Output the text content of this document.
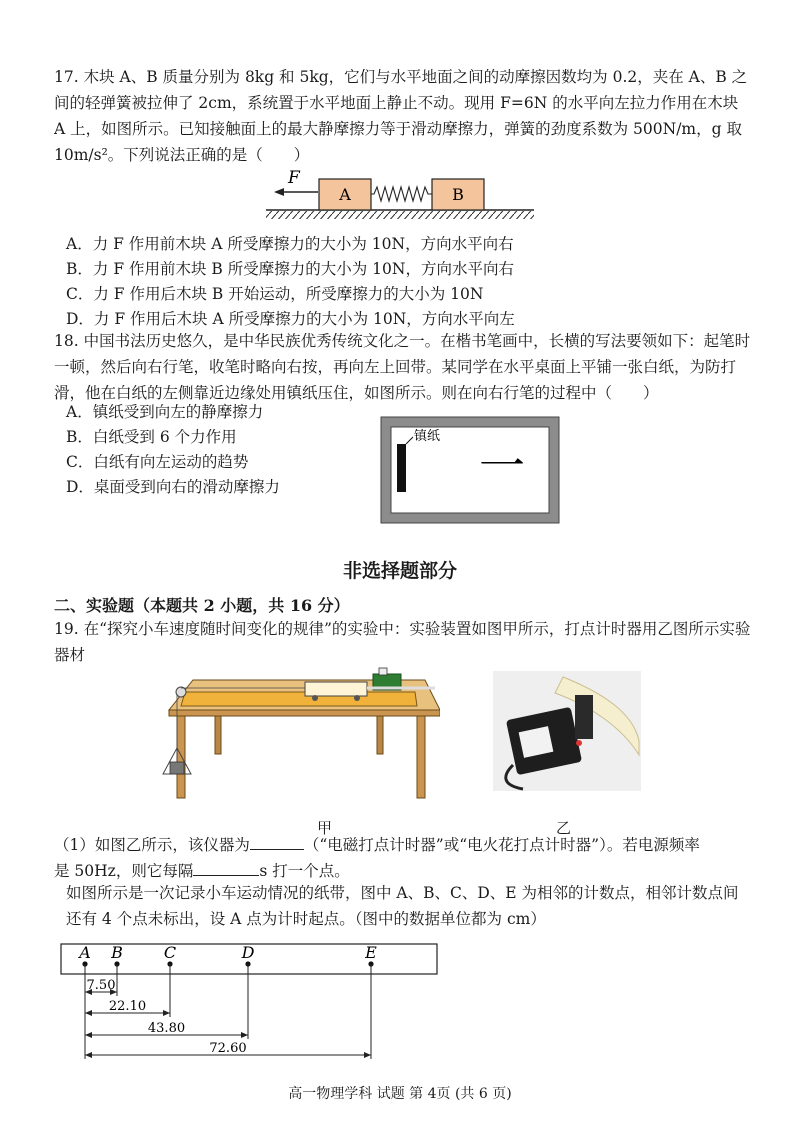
17. 木块 A、B 质量分别为 8kg 和 5kg，它们与水平地面之间的动摩擦因数均为 0.2，夹在 A、B 之间的轻弹簧被拉伸了 2cm，系统置于水平地面上静止不动。现用 F=6N 的水平向左拉力作用在木块 A 上，如图所示。已知接触面上的最大静摩擦力等于滑动摩擦力，弹簧的劲度系数为 500N/m，g 取 10m/s²。下列说法正确的是（　　）
F
A	B
A．力 F 作用前木块 A 所受摩擦力的大小为 10N，方向水平向右
B．力 F 作用前木块 B 所受摩擦力的大小为 10N，方向水平向右
C．力 F 作用后木块 B 开始运动，所受摩擦力的大小为 10N
D．力 F 作用后木块 A 所受摩擦力的大小为 10N，方向水平向左
18. 中国书法历史悠久，是中华民族优秀传统文化之一。在楷书笔画中，长横的写法要领如下：起笔时一顿，然后向右行笔，收笔时略向右按，再向左上回带。某同学在水平桌面上平铺一张白纸，为防打滑，他在白纸的左侧靠近边缘处用镇纸压住，如图所示。则在向右行笔的过程中（　　）
A．镇纸受到向左的静摩擦力
B．白纸受到 6 个力作用
C．白纸有向左运动的趋势
D．桌面受到向右的滑动摩擦力
镇纸
一
非选择题部分
二、实验题（本题共 2 小题，共 16 分）
19. 在“探究小车速度随时间变化的规律”的实验中：实验装置如图甲所示，打点计时器用乙图所示实验器材
甲	乙
（1）如图乙所示，该仪器为	（“电磁打点计时器”或“电火花打点计时器”）。若电源频率
是 50Hz，则它每隔	s 打一个点。
如图所示是一次记录小车运动情况的纸带，图中 A、B、C、D、E 为相邻的计数点，相邻计数点间还有 4 个点未标出，设 A 点为计时起点。（图中的数据单位都为 cm）
A B	C	D	E
7.50
22.10
43.80
72.60
高一物理学科 试题 第 4页 (共 6 页)
